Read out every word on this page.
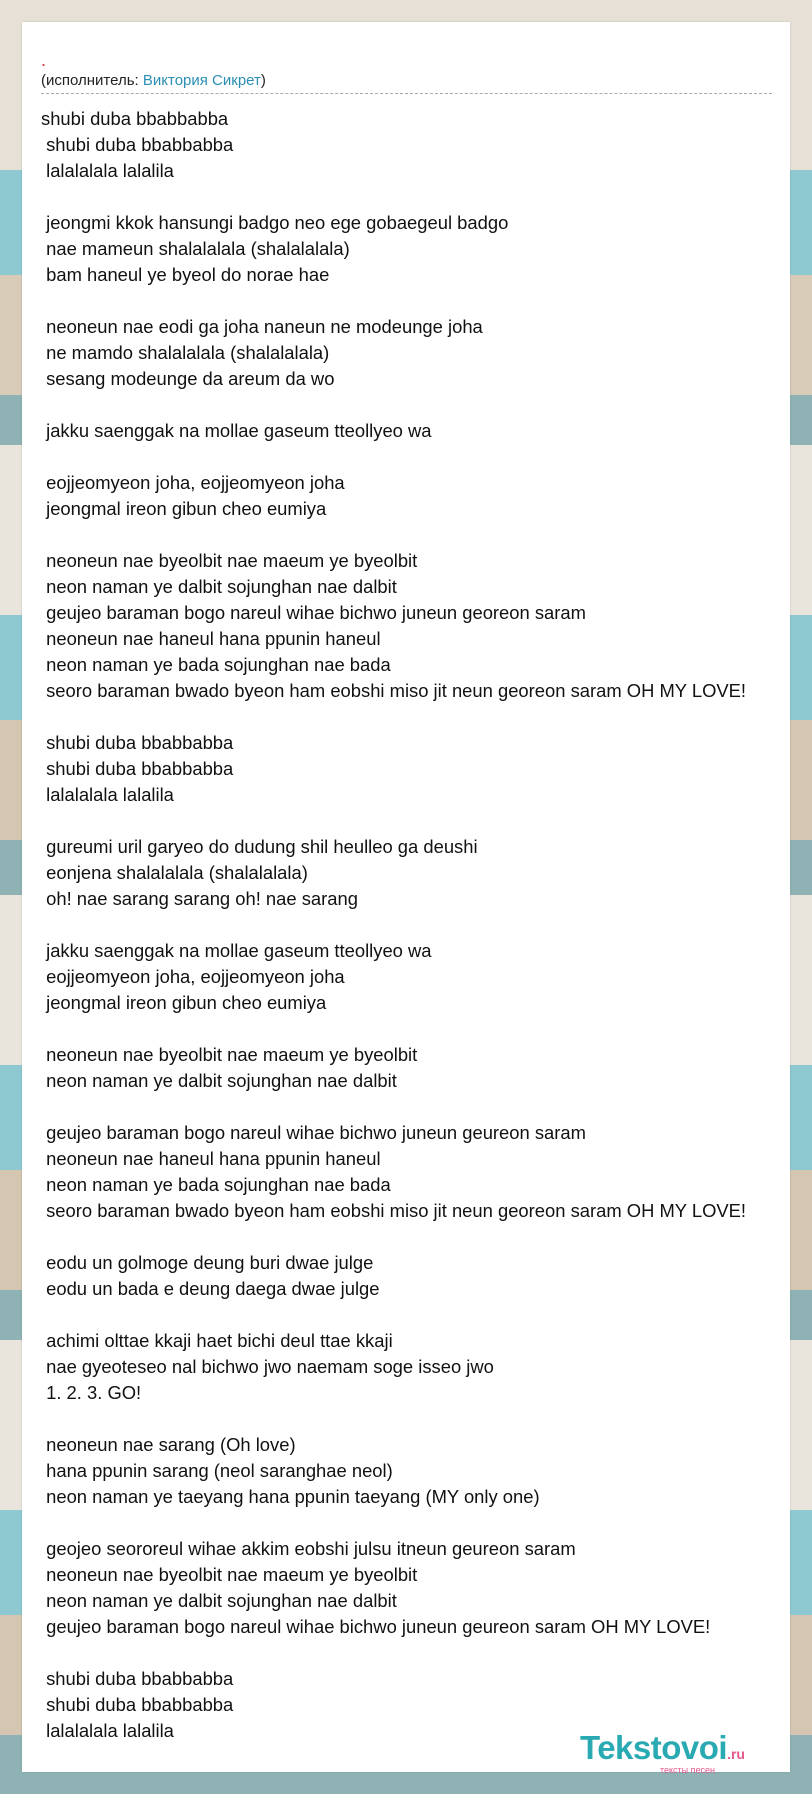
.
(исполнитель: Виктория Сикрет)
shubi duba bbabbabba
shubi duba bbabbabba
lalalalala lalalila

jeongmi kkok hansungi badgo neo ege gobaegeul badgo
nae mameun shalalalala (shalalalala)
bam haneul ye byeol do norae hae

neoneun nae eodi ga joha naneun ne modeunge joha
ne mamdo shalalalala (shalalalala)
sesang modeunge da areum da wo

jakku saenggak na mollae gaseum tteollyeo wa

eojjeomyeon joha, eojjeomyeon joha
jeongmal ireon gibun cheo eumiya

neoneun nae byeolbit nae maeum ye byeolbit
neon naman ye dalbit sojunghan nae dalbit
geujeo baraman bogo nareul wihae bichwo juneun georeon saram
neoneun nae haneul hana ppunin haneul
neon naman ye bada sojunghan nae bada
seoro baraman bwado byeon ham eobshi miso jit neun georeon saram OH MY LOVE!

shubi duba bbabbabba
shubi duba bbabbabba
lalalalala lalalila

gureumi uril garyeo do dudung shil heulleo ga deushi
eonjena shalalalala (shalalalala)
oh! nae sarang sarang oh! nae sarang

jakku saenggak na mollae gaseum tteollyeo wa
eojjeomyeon joha, eojjeomyeon joha
jeongmal ireon gibun cheo eumiya

neoneun nae byeolbit nae maeum ye byeolbit
neon naman ye dalbit sojunghan nae dalbit

geujeo baraman bogo nareul wihae bichwo juneun geureon saram
neoneun nae haneul hana ppunin haneul
neon naman ye bada sojunghan nae bada
seoro baraman bwado byeon ham eobshi miso jit neun georeon saram OH MY LOVE!

eodu un golmoge deung buri dwae julge
eodu un bada e deung daega dwae julge

achimi olttae kkaji haet bichi deul ttae kkaji
nae gyeoteseo nal bichwo jwo naemam soge isseo jwo
1. 2. 3. GO!

neoneun nae sarang (Oh love)
hana ppunin sarang (neol saranghae neol)
neon naman ye taeyang hana ppunin taeyang (MY only one)

geojeo seororeul wihae akkim eobshi julsu itneun geureon saram
neoneun nae byeolbit nae maeum ye byeolbit
neon naman ye dalbit sojunghan nae dalbit
geujeo baraman bogo nareul wihae bichwo juneun geureon saram OH MY LOVE!

shubi duba bbabbabba
shubi duba bbabbabba
lalalalala lalalila	Tekstovoi.ru
тексты песен
